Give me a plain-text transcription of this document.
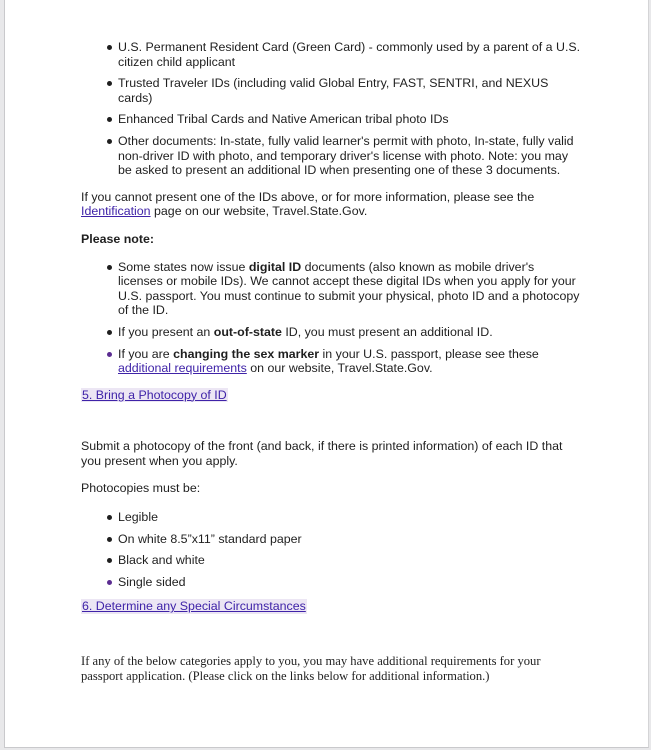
U.S. Permanent Resident Card (Green Card) - commonly used by a parent of a U.S. citizen child applicant
Trusted Traveler IDs (including valid Global Entry, FAST, SENTRI, and NEXUS cards)
Enhanced Tribal Cards and Native American tribal photo IDs
Other documents: In-state, fully valid learner's permit with photo, In-state, fully valid non-driver ID with photo, and temporary driver's license with photo. Note: you may be asked to present an additional ID when presenting one of these 3 documents.

If you cannot present one of the IDs above, or for more information, please see the Identification page on our website, Travel.State.Gov.

Please note:

Some states now issue digital ID documents (also known as mobile driver's licenses or mobile IDs). We cannot accept these digital IDs when you apply for your U.S. passport. You must continue to submit your physical, photo ID and a photocopy of the ID.
If you present an out-of-state ID, you must present an additional ID.
If you are changing the sex marker in your U.S. passport, please see these additional requirements on our website, Travel.State.Gov.
5. Bring a Photocopy of ID

Submit a photocopy of the front (and back, if there is printed information) of each ID that you present when you apply.

Photocopies must be:

Legible
On white 8.5”x11” standard paper
Black and white
Single sided
6. Determine any Special Circumstances

If any of the below categories apply to you, you may have additional requirements for your passport application. (Please click on the links below for additional information.)
